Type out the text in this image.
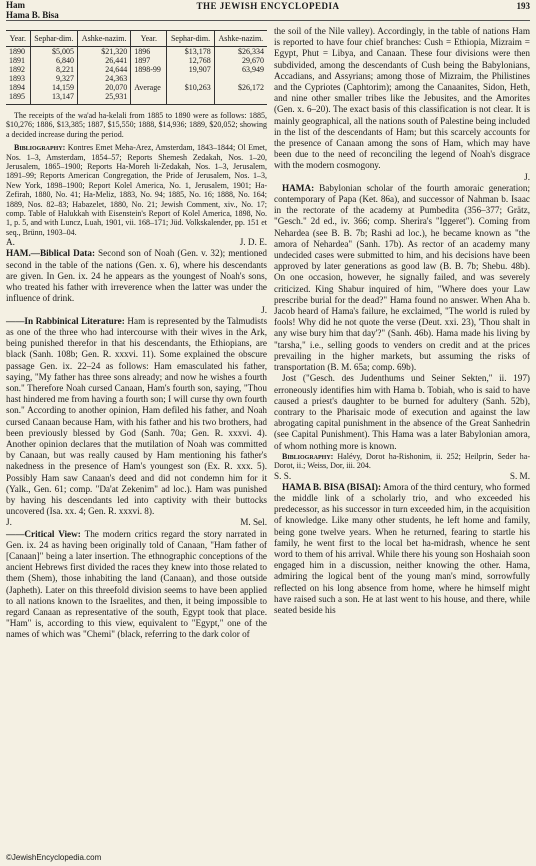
Ham
Hama B. Bisa
THE JEWISH ENCYCLOPEDIA	193
Year.	Sephar-dim.	Ashke-nazim.	Year.	Sephar-dim.	Ashke-nazim.
1890	$5,005	$21,320	1896	$13,178	$26,334
1891	6,840	26,441	1897	12,768	29,670
1892	8,221	24,644	1898-99	19,907	63,949
1893	9,327	24,363			
1894	14,159	20,070	Average	$10,263	$26,172
1895	13,147	25,931			

The receipts of the wa'ad ha-kelali from 1885 to 1890 were as follows: 1885, $10,276; 1886, $13,385; 1887, $15,550; 1888, $14,936; 1889, $20,052; showing a decided increase during the period.

Bibliography: Kontres Emet Meha-Arez, Amsterdam, 1843–1844; Ol Emet, Nos. 1–3, Amsterdam, 1854–57; Reports Shemesh Zedakah, Nos. 1–20, Jerusalem, 1865–1900; Reports Ha-Moreh li-Zedakah, Nos. 1–3, Jerusalem, 1891–99; Reports American Congregation, the Pride of Jerusalem, Nos. 1–3, New York, 1898–1900; Report Kolel America, No. 1, Jerusalem, 1901; Ha-Zefirah, 1880, No. 41; Ha-Meliz, 1883, No. 94; 1885, No. 16; 1888, No. 164; 1889, Nos. 82–83; Habazelet, 1880, No. 21; Jewish Comment, xiv., No. 17; comp. Table of Halukkah with Eisenstein's Report of Kolel America, 1898, No. 1, p. 5, and with Luncz, Luah, 1901, vii. 168–171; Jüd. Volkskalender, pp. 151 et seq., Brünn, 1903–04.

A.	J. D. E.

HAM.—Biblical Data: Second son of Noah (Gen. v. 32); mentioned second in the table of the nations (Gen. x. 6), where his descendants are given. In Gen. ix. 24 he appears as the youngest of Noah's sons, who treated his father with irreverence when the latter was under the influence of drink.

J.

——In Rabbinical Literature: Ham is represented by the Talmudists as one of the three who had intercourse with their wives in the Ark, being punished therefor in that his descendants, the Ethiopians, are black (Sanh. 108b; Gen. R. xxxvi. 11). Some explained the obscure passage Gen. ix. 22–24 as follows: Ham emasculated his father, saying, "My father has three sons already; and now he wishes a fourth son." Therefore Noah cursed Canaan, Ham's fourth son, saying, "Thou hast hindered me from having a fourth son; I will curse thy own fourth son." According to another opinion, Ham defiled his father, and Noah cursed Canaan because Ham, with his father and his two brothers, had been previously blessed by God (Sanh. 70a; Gen. R. xxxvi. 4). Another opinion declares that the mutilation of Noah was committed by Canaan, but was really caused by Ham mentioning his father's nakedness in the presence of Ham's youngest son (Ex. R. xxx. 5). Possibly Ham saw Canaan's deed and did not condemn him for it (Yalk., Gen. 61; comp. "Da'at Zekenim" ad loc.). Ham was punished by having his descendants led into captivity with their buttocks uncovered (Isa. xx. 4; Gen. R. xxxvi. 8).

J.	M. Sel.

——Critical View: The modern critics regard the story narrated in Gen. ix. 24 as having been originally told of Canaan, "Ham father of [Canaan]" being a later insertion. The ethnographic conceptions of the ancient Hebrews first divided the races they knew into those related to them (Shem), those inhabiting the land (Canaan), and those outside (Japheth). Later on this threefold division seems to have been applied to all nations known to the Israelites, and then, it being impossible to regard Canaan as representative of the south, Egypt took that place. "Ham" is, according to this view, equivalent to "Egypt," one of the names of which was "Chemi" (black, referring to the dark color of

the soil of the Nile valley). Accordingly, in the table of nations Ham is reported to have four chief branches: Cush = Ethiopia, Mizraim = Egypt, Phut = Libya, and Canaan. These four divisions were then subdivided, among the descendants of Cush being the Babylonians, Accadians, and Assyrians; among those of Mizraim, the Philistines and the Cypriotes (Caphtorim); among the Canaanites, Sidon, Heth, and nine other smaller tribes like the Jebusites, and the Amorites (Gen. x. 6–20). The exact basis of this classification is not clear. It is mainly geographical, all the nations south of Palestine being included in the list of the descendants of Ham; but this scarcely accounts for the presence of Canaan among the sons of Ham, which may have been due to the need of reconciling the legend of Noah's disgrace with the modern cosmogony.

J.

HAMA: Babylonian scholar of the fourth amoraic generation; contemporary of Papa (Ket. 86a), and successor of Nahman b. Isaac in the rectorate of the academy at Pumbedita (356–377; Grätz, "Gesch." 2d ed., iv. 366; comp. Sherira's "Iggeret"). Coming from Nehardea (see B. B. 7b; Rashi ad loc.), he became known as "the amora of Nehardea" (Sanh. 17b). As rector of an academy many undecided cases were submitted to him, and his decisions have been approved by later generations as good law (B. B. 7b; Shebu. 48b). On one occasion, however, he signally failed, and was severely criticized. King Shabur inquired of him, "Where does your Law prescribe burial for the dead?" Hama found no answer. When Aha b. Jacob heard of Hama's failure, he exclaimed, "The world is ruled by fools! Why did he not quote the verse (Deut. xxi. 23), 'Thou shalt in any wise bury him that day'?" (Sanh. 46b). Hama made his living by "tarsha," i.e., selling goods to venders on credit and at the prices prevailing in the higher markets, but assuming the risks of transportation (B. M. 65a; comp. 69b).

Jost ("Gesch. des Judenthums und Seiner Sekten," ii. 197) erroneously identifies him with Hama b. Tobiah, who is said to have caused a priest's daughter to be burned for adultery (Sanh. 52b), contrary to the Pharisaic mode of execution and against the law abrogating capital punishment in the absence of the Great Sanhedrin (see Capital Punishment). This Hama was a later Babylonian amora, of whom nothing more is known.

Bibliography: Halévy, Dorot ha-Rishonim, ii. 252; Heilprin, Seder ha-Dorot, ii.; Weiss, Dor, iii. 204.

S. S.	S. M.

HAMA B. BISA (BISAI): Amora of the third century, who formed the middle link of a scholarly trio, and who exceeded his predecessor, as his successor in turn exceeded him, in the acquisition of knowledge. Like many other students, he left home and family, being gone twelve years. When he returned, fearing to startle his family, he went first to the local bet ha-midrash, whence he sent word to them of his arrival. While there his young son Hoshaiah soon engaged him in a discussion, neither knowing the other. Hama, admiring the logical bent of the young man's mind, sorrowfully reflected on his long absence from home, where he himself might have raised such a son. He at last went to his house, and there, while seated beside his

©JewishEncyclopedia.com
